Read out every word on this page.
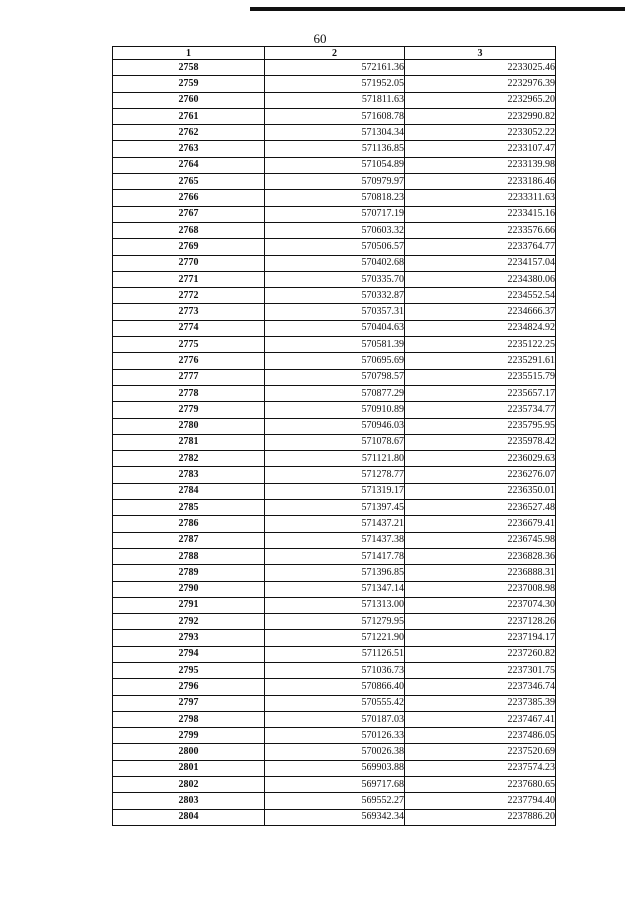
60
1	2	3
2758	572161.36	2233025.46
2759	571952.05	2232976.39
2760	571811.63	2232965.20
2761	571608.78	2232990.82
2762	571304.34	2233052.22
2763	571136.85	2233107.47
2764	571054.89	2233139.98
2765	570979.97	2233186.46
2766	570818.23	2233311.63
2767	570717.19	2233415.16
2768	570603.32	2233576.66
2769	570506.57	2233764.77
2770	570402.68	2234157.04
2771	570335.70	2234380.06
2772	570332.87	2234552.54
2773	570357.31	2234666.37
2774	570404.63	2234824.92
2775	570581.39	2235122.25
2776	570695.69	2235291.61
2777	570798.57	2235515.79
2778	570877.29	2235657.17
2779	570910.89	2235734.77
2780	570946.03	2235795.95
2781	571078.67	2235978.42
2782	571121.80	2236029.63
2783	571278.77	2236276.07
2784	571319.17	2236350.01
2785	571397.45	2236527.48
2786	571437.21	2236679.41
2787	571437.38	2236745.98
2788	571417.78	2236828.36
2789	571396.85	2236888.31
2790	571347.14	2237008.98
2791	571313.00	2237074.30
2792	571279.95	2237128.26
2793	571221.90	2237194.17
2794	571126.51	2237260.82
2795	571036.73	2237301.75
2796	570866.40	2237346.74
2797	570555.42	2237385.39
2798	570187.03	2237467.41
2799	570126.33	2237486.05
2800	570026.38	2237520.69
2801	569903.88	2237574.23
2802	569717.68	2237680.65
2803	569552.27	2237794.40
2804	569342.34	2237886.20
